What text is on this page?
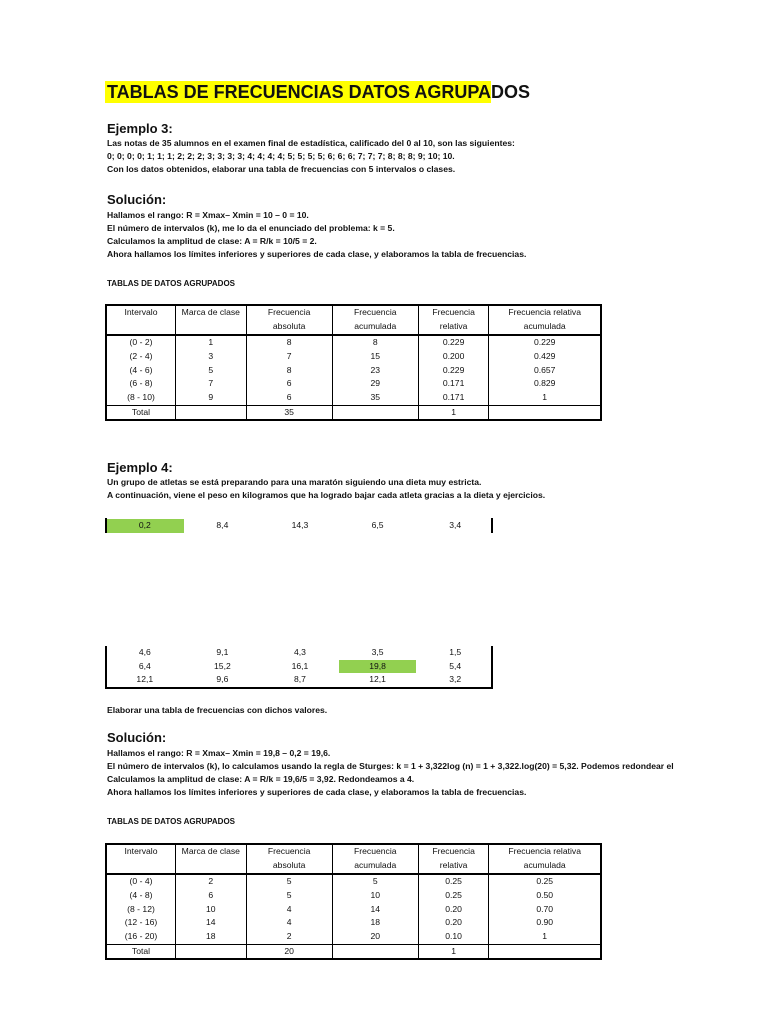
TABLAS DE FRECUENCIAS DATOS AGRUPADOS
Ejemplo 3:
Las notas de 35 alumnos en el examen final de estadística, calificado del 0 al 10, son las siguientes:
0; 0; 0; 0; 1; 1; 1; 2; 2; 2; 3; 3; 3; 3; 4; 4; 4; 4; 5; 5; 5; 5; 6; 6; 6; 7; 7; 7; 8; 8; 8; 9; 10; 10.
Con los datos obtenidos, elaborar una tabla de frecuencias con 5 intervalos o clases.
Solución:
Hallamos el rango: R = Xmax– Xmin = 10 – 0 = 10.
El número de intervalos (k), me lo da el enunciado del problema: k = 5.
Calculamos la amplitud de clase: A = R/k = 10/5 = 2.
Ahora hallamos los límites inferiores y superiores de cada clase, y elaboramos la tabla de frecuencias.
TABLAS DE DATOS AGRUPADOS
Intervalo	Marca de clase	Frecuencia	Frecuencia	Frecuencia	Frecuencia relativa
		absoluta	acumulada	relativa	acumulada
(0 - 2)	1	8	8	0.229	0.229
(2 - 4)	3	7	15	0.200	0.429
(4 - 6)	5	8	23	0.229	0.657
(6 - 8)	7	6	29	0.171	0.829
(8 - 10)	9	6	35	0.171	1
Total		35		1	
Ejemplo 4:
Un grupo de atletas se está preparando para una maratón siguiendo una dieta muy estricta.
A continuación, viene el peso en kilogramos que ha logrado bajar cada atleta gracias a la dieta y ejercicios.
0,2	8,4	14,3	6,5	3,4
4,6	9,1	4,3	3,5	1,5
6,4	15,2	16,1	19,8	5,4
12,1	9,6	8,7	12,1	3,2
Elaborar una tabla de frecuencias con dichos valores.
Solución:
Hallamos el rango: R = Xmax– Xmin = 19,8 – 0,2 = 19,6.
El número de intervalos (k), lo calculamos usando la regla de Sturges: k = 1 + 3,322log (n) = 1 + 3,322.log(20) = 5,32. Podemos redondear el
Calculamos la amplitud de clase: A = R/k = 19,6/5 = 3,92. Redondeamos a 4.
Ahora hallamos los límites inferiores y superiores de cada clase, y elaboramos la tabla de frecuencias.
TABLAS DE DATOS AGRUPADOS
Intervalo	Marca de clase	Frecuencia	Frecuencia	Frecuencia	Frecuencia relativa
		absoluta	acumulada	relativa	acumulada
(0 - 4)	2	5	5	0.25	0.25
(4 - 8)	6	5	10	0.25	0.50
(8 - 12)	10	4	14	0.20	0.70
(12 - 16)	14	4	18	0.20	0.90
(16 - 20)	18	2	20	0.10	1
Total		20		1	
